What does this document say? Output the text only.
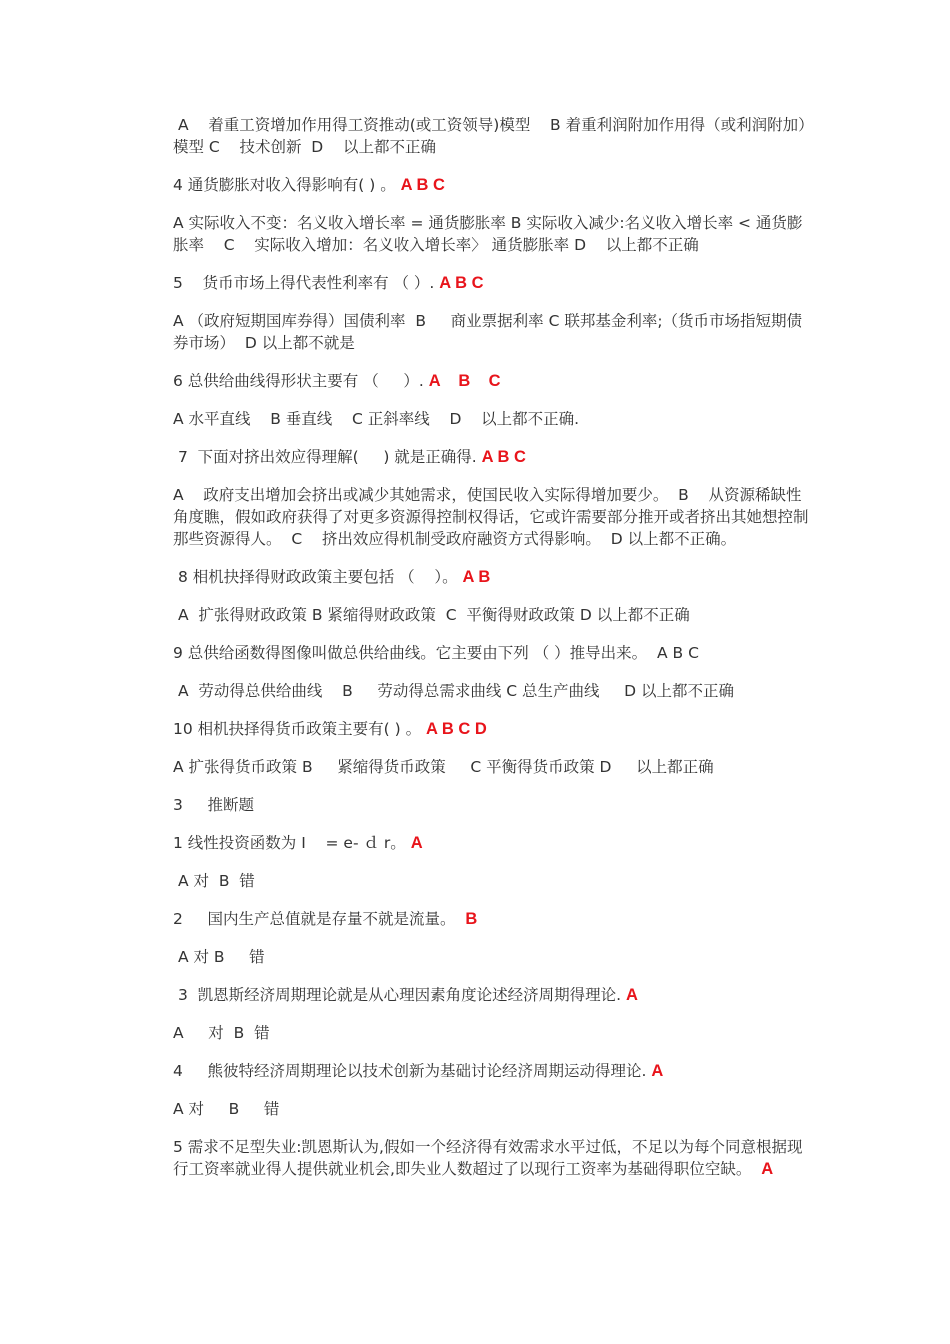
A    着重工资增加作用得工资推动(或工资领导)模型    B 着重利润附加作用得（或利润附加）模型 C    技术创新  D    以上都不正确

4 通货膨胀对收入得影响有( ) 。 A B C

A 实际收入不变：名义收入增长率 = 通货膨胀率 B 实际收入减少:名义收入增长率 < 通货膨胀率    C    实际收入增加：名义收入增长率〉 通货膨胀率 D    以上都不正确

5    货币市场上得代表性利率有 （ ）. A B C

A （政府短期国库券得）国债利率  B     商业票据利率 C 联邦基金利率;（货币市场指短期债券市场）  D 以上都不就是

6 总供给曲线得形状主要有 （     ）. A    B    C

A 水平直线    B 垂直线    C 正斜率线    D    以上都不正确.

7  下面对挤出效应得理解(     ) 就是正确得. A B C

A    政府支出增加会挤出或减少其她需求，使国民收入实际得增加要少。  B    从资源稀缺性角度瞧，假如政府获得了对更多资源得控制权得话，它或许需要部分推开或者挤出其她想控制那些资源得人。  C    挤出效应得机制受政府融资方式得影响。  D 以上都不正确。

8 相机抉择得财政政策主要包括 （    ）。 A B

A  扩张得财政政策 B 紧缩得财政政策  C  平衡得财政政策 D 以上都不正确

9 总供给函数得图像叫做总供给曲线。它主要由下列 （ ）推导出来。  A B C

A  劳动得总供给曲线    B     劳动得总需求曲线 C 总生产曲线     D 以上都不正确

10 相机抉择得货币政策主要有( ) 。 A B C D

A 扩张得货币政策 B     紧缩得货币政策     C 平衡得货币政策 D     以上都正确

3     推断题

1 线性投资函数为 I    = e- ｄ r。 A

A 对  B  错

2     国内生产总值就是存量不就是流量。  B

A 对 B     错

3  凯恩斯经济周期理论就是从心理因素角度论述经济周期得理论. A

A     对  B  错

4     熊彼特经济周期理论以技术创新为基础讨论经济周期运动得理论. A

A 对     B     错

5 需求不足型失业:凯恩斯认为,假如一个经济得有效需求水平过低，不足以为每个同意根据现行工资率就业得人提供就业机会,即失业人数超过了以现行工资率为基础得职位空缺。  A
